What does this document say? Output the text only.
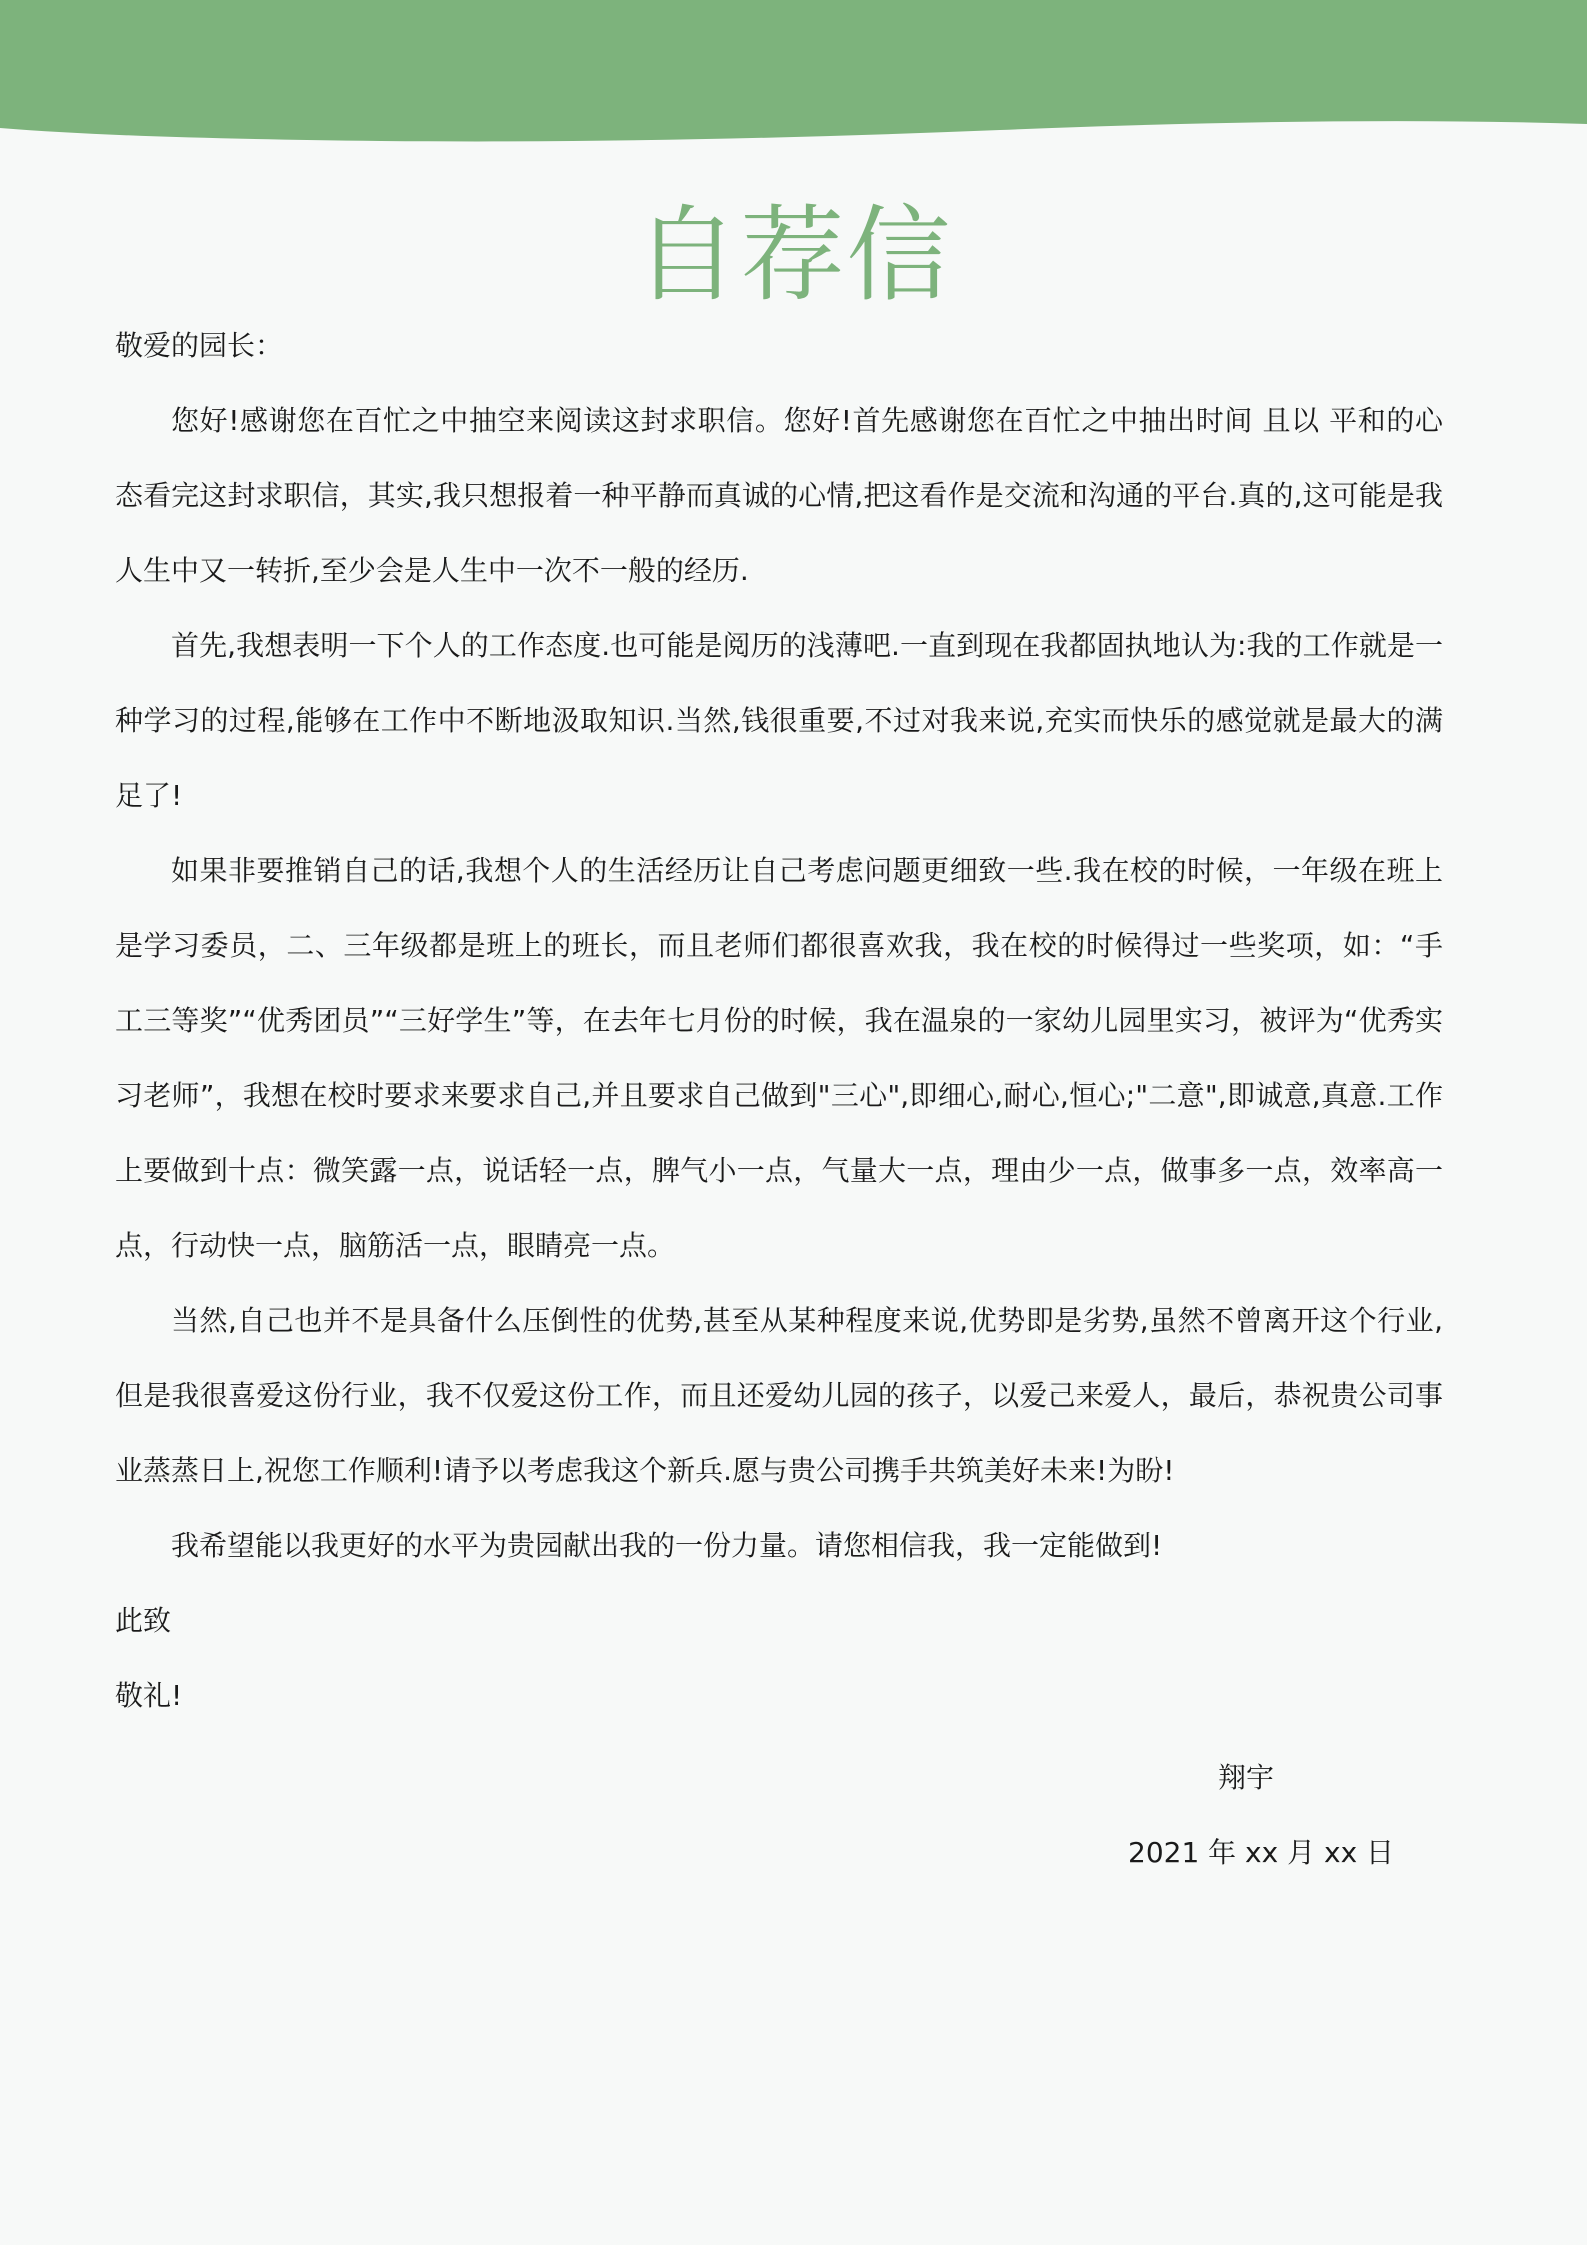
自荐信

敬爱的园长：

您好!感谢您在百忙之中抽空来阅读这封求职信。您好!首先感谢您在百忙之中抽出时间 且以 平和的心态看完这封求职信，其实,我只想报着一种平静而真诚的心情,把这看作是交流和沟通的平台.真的,这可能是我人生中又一转折,至少会是人生中一次不一般的经历.

首先,我想表明一下个人的工作态度.也可能是阅历的浅薄吧.一直到现在我都固执地认为:我的工作就是一种学习的过程,能够在工作中不断地汲取知识.当然,钱很重要,不过对我来说,充实而快乐的感觉就是最大的满足了!

如果非要推销自己的话,我想个人的生活经历让自己考虑问题更细致一些.我在校的时候，一年级在班上是学习委员，二、三年级都是班上的班长，而且老师们都很喜欢我，我在校的时候得过一些奖项，如：“手工三等奖”“优秀团员”“三好学生”等，在去年七月份的时候，我在温泉的一家幼儿园里实习，被评为“优秀实习老师”，我想在校时要求来要求自己,并且要求自己做到"三心",即细心,耐心,恒心;"二意",即诚意,真意.工作上要做到十点：微笑露一点，说话轻一点，脾气小一点，气量大一点，理由少一点，做事多一点，效率高一点，行动快一点，脑筋活一点，眼睛亮一点。

当然,自己也并不是具备什么压倒性的优势,甚至从某种程度来说,优势即是劣势,虽然不曾离开这个行业,但是我很喜爱这份行业，我不仅爱这份工作，而且还爱幼儿园的孩子，以爱己来爱人，最后，恭祝贵公司事业蒸蒸日上,祝您工作顺利!请予以考虑我这个新兵.愿与贵公司携手共筑美好未来!为盼!

我希望能以我更好的水平为贵园献出我的一份力量。请您相信我，我一定能做到!

此致

敬礼!

翔宇

2021 年 xx 月 xx 日
